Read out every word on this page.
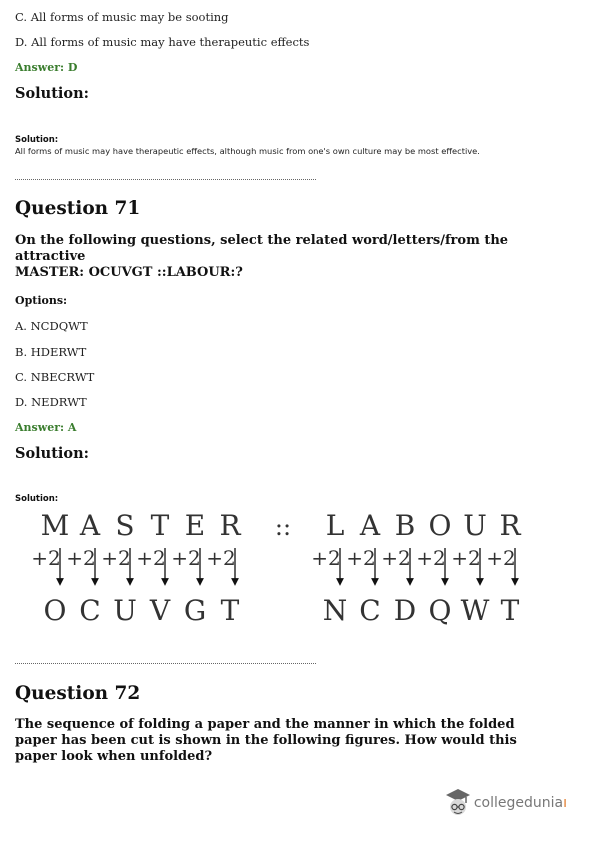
C. All forms of music may be sooting
D. All forms of music may have therapeutic effects
Answer: D
Solution:
Solution:
All forms of music may have therapeutic effects, although music from one's own culture may be most effective.
Question 71
On the following questions, select the related word/letters/from the
attractive
MASTER: OCUVGT ::LABOUR:?
Options:
A. NCDQWT
B. HDERWT
C. NBECRWT
D. NEDRWT
Answer: A
Solution:
Solution:
M
+2
O
A
+2
C
S
+2
U
T
+2
V
E
+2
G
R
+2
T
L
+2
N
A
+2
C
B
+2
D
O
+2
Q
U
+2
W
R
+2
T
::
Question 72
The sequence of folding a paper and the manner in which the folded
paper has been cut is shown in the following figures. How would this
paper look when unfolded?
collegeduniaı
